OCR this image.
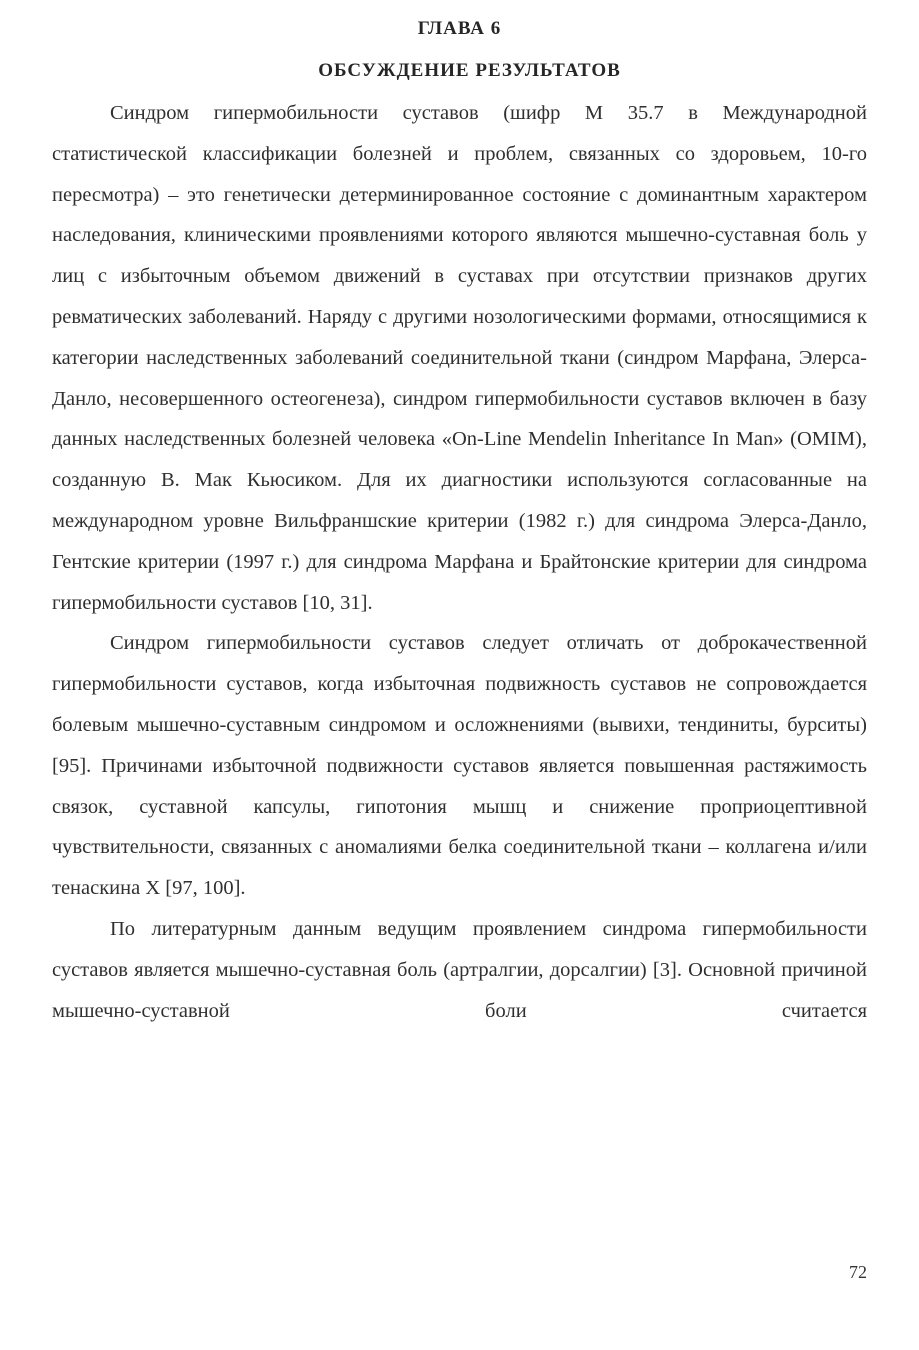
ГЛАВА 6
ОБСУЖДЕНИЕ РЕЗУЛЬТАТОВ

Синдром гипермобильности суставов (шифр М 35.7 в Международной статистической классификации болезней и проблем, связанных со здоровьем, 10-го пересмотра) – это генетически детерминированное состояние с доминантным характером наследования, клиническими проявлениями которого являются мышечно-суставная боль у лиц с избыточным объемом движений в суставах при отсутствии признаков других ревматических заболеваний. Наряду с другими нозологическими формами, относящимися к категории наследственных заболеваний соединительной ткани (синдром Марфана, Элерса-Данло, несовершенного остеогенеза), синдром гипермобильности суставов включен в базу данных наследственных болезней человека «On-Line Mendelin Inheritance In Man» (OMIM), созданную В. Мак Кьюсиком. Для их диагностики используются согласованные на международном уровне Вильфраншские критерии (1982 г.) для синдрома Элерса-Данло, Гентские критерии (1997 г.) для синдрома Марфана и Брайтонские критерии для синдрома гипермобильности суставов [10, 31].

Синдром гипермобильности суставов следует отличать от доброкачественной гипермобильности суставов, когда избыточная подвижность суставов не сопровождается болевым мышечно-суставным синдромом и осложнениями (вывихи, тендиниты, бурситы) [95]. Причинами избыточной подвижности суставов является повышенная растяжимость связок, суставной капсулы, гипотония мышц и снижение проприоцептивной чувствительности, связанных с аномалиями белка соединительной ткани – коллагена и/или тенаскина X [97, 100].

По литературным данным ведущим проявлением синдрома гипермобильности суставов является мышечно-суставная боль (артралгии, дорсалгии) [3]. Основной причиной мышечно-суставной боли считается

72
